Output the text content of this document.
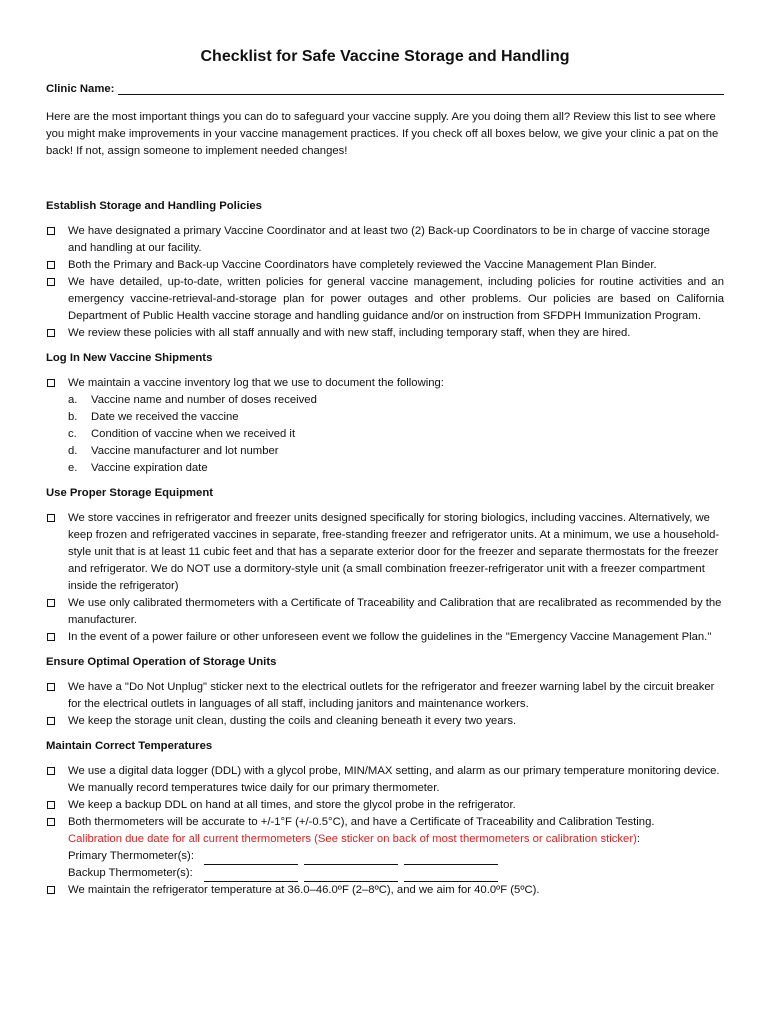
Checklist for Safe Vaccine Storage and Handling
Clinic Name:

Here are the most important things you can do to safeguard your vaccine supply. Are you doing them all? Review this list to see where you might make improvements in your vaccine management practices. If you check off all boxes below, we give your clinic a pat on the back! If not, assign someone to implement needed changes!

Establish Storage and Handling Policies
We have designated a primary Vaccine Coordinator and at least two (2) Back-up Coordinators to be in charge of vaccine storage and handling at our facility.
Both the Primary and Back-up Vaccine Coordinators have completely reviewed the Vaccine Management Plan Binder.
We have detailed, up-to-date, written policies for general vaccine management, including policies for routine activities and an emergency vaccine-retrieval-and-storage plan for power outages and other problems. Our policies are based on California Department of Public Health vaccine storage and handling guidance and/or on instruction from SFDPH Immunization Program.
We review these policies with all staff annually and with new staff, including temporary staff, when they are hired.
Log In New Vaccine Shipments
We maintain a vaccine inventory log that we use to document the following:
a.	Vaccine name and number of doses received
b.	Date we received the vaccine
c.	Condition of vaccine when we received it
d.	Vaccine manufacturer and lot number
e.	Vaccine expiration date
Use Proper Storage Equipment
We store vaccines in refrigerator and freezer units designed specifically for storing biologics, including vaccines. Alternatively, we keep frozen and refrigerated vaccines in separate, free-standing freezer and refrigerator units. At a minimum, we use a household-style unit that is at least 11 cubic feet and that has a separate exterior door for the freezer and separate thermostats for the freezer and refrigerator. We do NOT use a dormitory-style unit (a small combination freezer-refrigerator unit with a freezer compartment inside the refrigerator)
We use only calibrated thermometers with a Certificate of Traceability and Calibration that are recalibrated as recommended by the manufacturer.
In the event of a power failure or other unforeseen event we follow the guidelines in the "Emergency Vaccine Management Plan."
Ensure Optimal Operation of Storage Units
We have a "Do Not Unplug" sticker next to the electrical outlets for the refrigerator and freezer warning label by the circuit breaker for the electrical outlets in languages of all staff, including janitors and maintenance workers.
We keep the storage unit clean, dusting the coils and cleaning beneath it every two years.
Maintain Correct Temperatures
We use a digital data logger (DDL) with a glycol probe, MIN/MAX setting, and alarm as our primary temperature monitoring device. We manually record temperatures twice daily for our primary thermometer.
We keep a backup DDL on hand at all times, and store the glycol probe in the refrigerator.
Both thermometers will be accurate to +/-1°F (+/-0.5°C), and have a Certificate of Traceability and Calibration Testing.
Calibration due date for all current thermometers (See sticker on back of most thermometers or calibration sticker):
Primary Thermometer(s):
Backup Thermometer(s):
We maintain the refrigerator temperature at 36.0–46.0ºF (2–8ºC), and we aim for 40.0ºF (5ºC).
